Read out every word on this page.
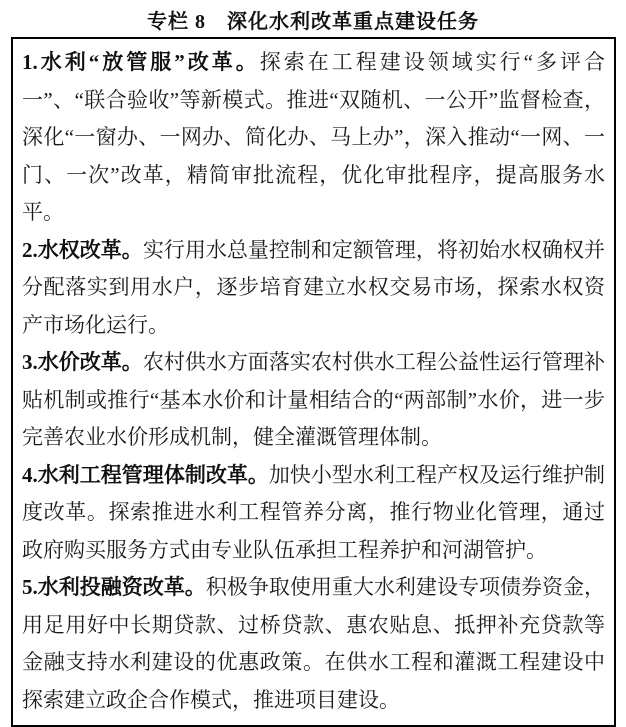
专栏 8　深化水利改革重点建设任务

1.水利“放管服”改革。探索在工程建设领域实行“多评合一”、“联合验收”等新模式。推进“双随机、一公开”监督检查，深化“一窗办、一网办、简化办、马上办”，深入推动“一网、一门、一次”改革，精简审批流程，优化审批程序，提高服务水平。

2.水权改革。实行用水总量控制和定额管理，将初始水权确权并分配落实到用水户，逐步培育建立水权交易市场，探索水权资产市场化运行。

3.水价改革。农村供水方面落实农村供水工程公益性运行管理补贴机制或推行“基本水价和计量相结合的“两部制”水价，进一步完善农业水价形成机制，健全灌溉管理体制。

4.水利工程管理体制改革。加快小型水利工程产权及运行维护制度改革。探索推进水利工程管养分离，推行物业化管理，通过政府购买服务方式由专业队伍承担工程养护和河湖管护。

5.水利投融资改革。积极争取使用重大水利建设专项债券资金，用足用好中长期贷款、过桥贷款、惠农贴息、抵押补充贷款等金融支持水利建设的优惠政策。在供水工程和灌溉工程建设中探索建立政企合作模式，推进项目建设。
